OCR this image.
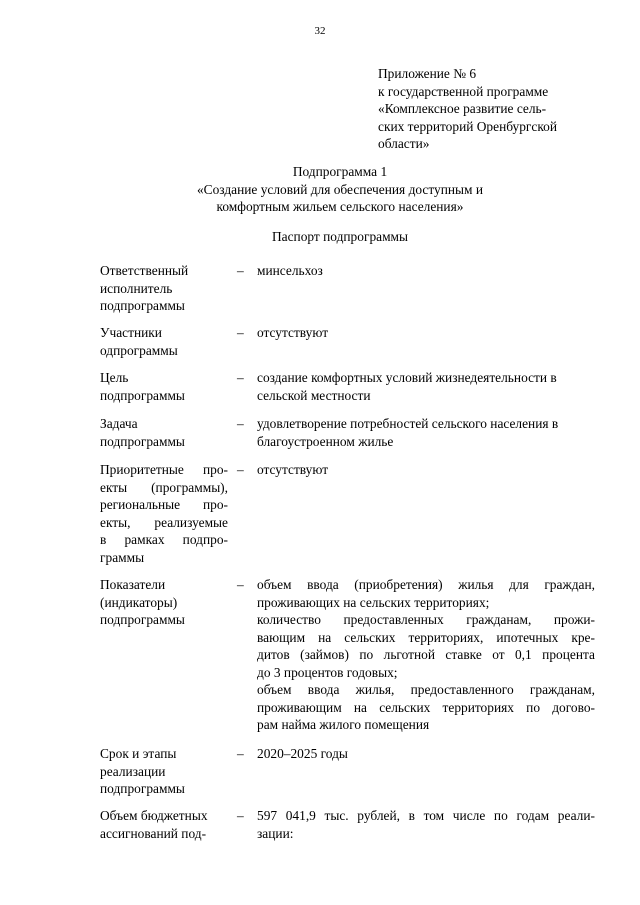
32
Приложение № 6
к государственной программе
«Комплексное развитие сель-
ских территорий Оренбургской
области»
Подпрограмма 1
«Создание условий для обеспечения доступным и
комфортным жильем сельского населения»
Паспорт подпрограммы
Ответственный
исполнитель
подпрограммы
– минсельхоз
Участники
одпрограммы
– отсутствуют
Цель
подпрограммы
– создание комфортных условий жизнедеятельности в
сельской местности
Задача
подпрограммы
– удовлетворение потребностей сельского населения в
благоустроенном жилье
Приоритетные про-
екты (программы),
региональные про-
екты, реализуемые
в рамках подпро-
граммы
– отсутствуют
Показатели
(индикаторы)
подпрограммы
– объем ввода (приобретения) жилья для граждан,
проживающих на сельских территориях;
количество предоставленных гражданам, прожи-
вающим на сельских территориях, ипотечных кре-
дитов (займов) по льготной ставке от 0,1 процента
до 3 процентов годовых;
объем ввода жилья, предоставленного гражданам,
проживающим на сельских территориях по догово-
рам найма жилого помещения
Срок и этапы
реализации
подпрограммы
– 2020–2025 годы
Объем бюджетных
ассигнований под-
– 597 041,9 тыс. рублей, в том числе по годам реали-
зации:
